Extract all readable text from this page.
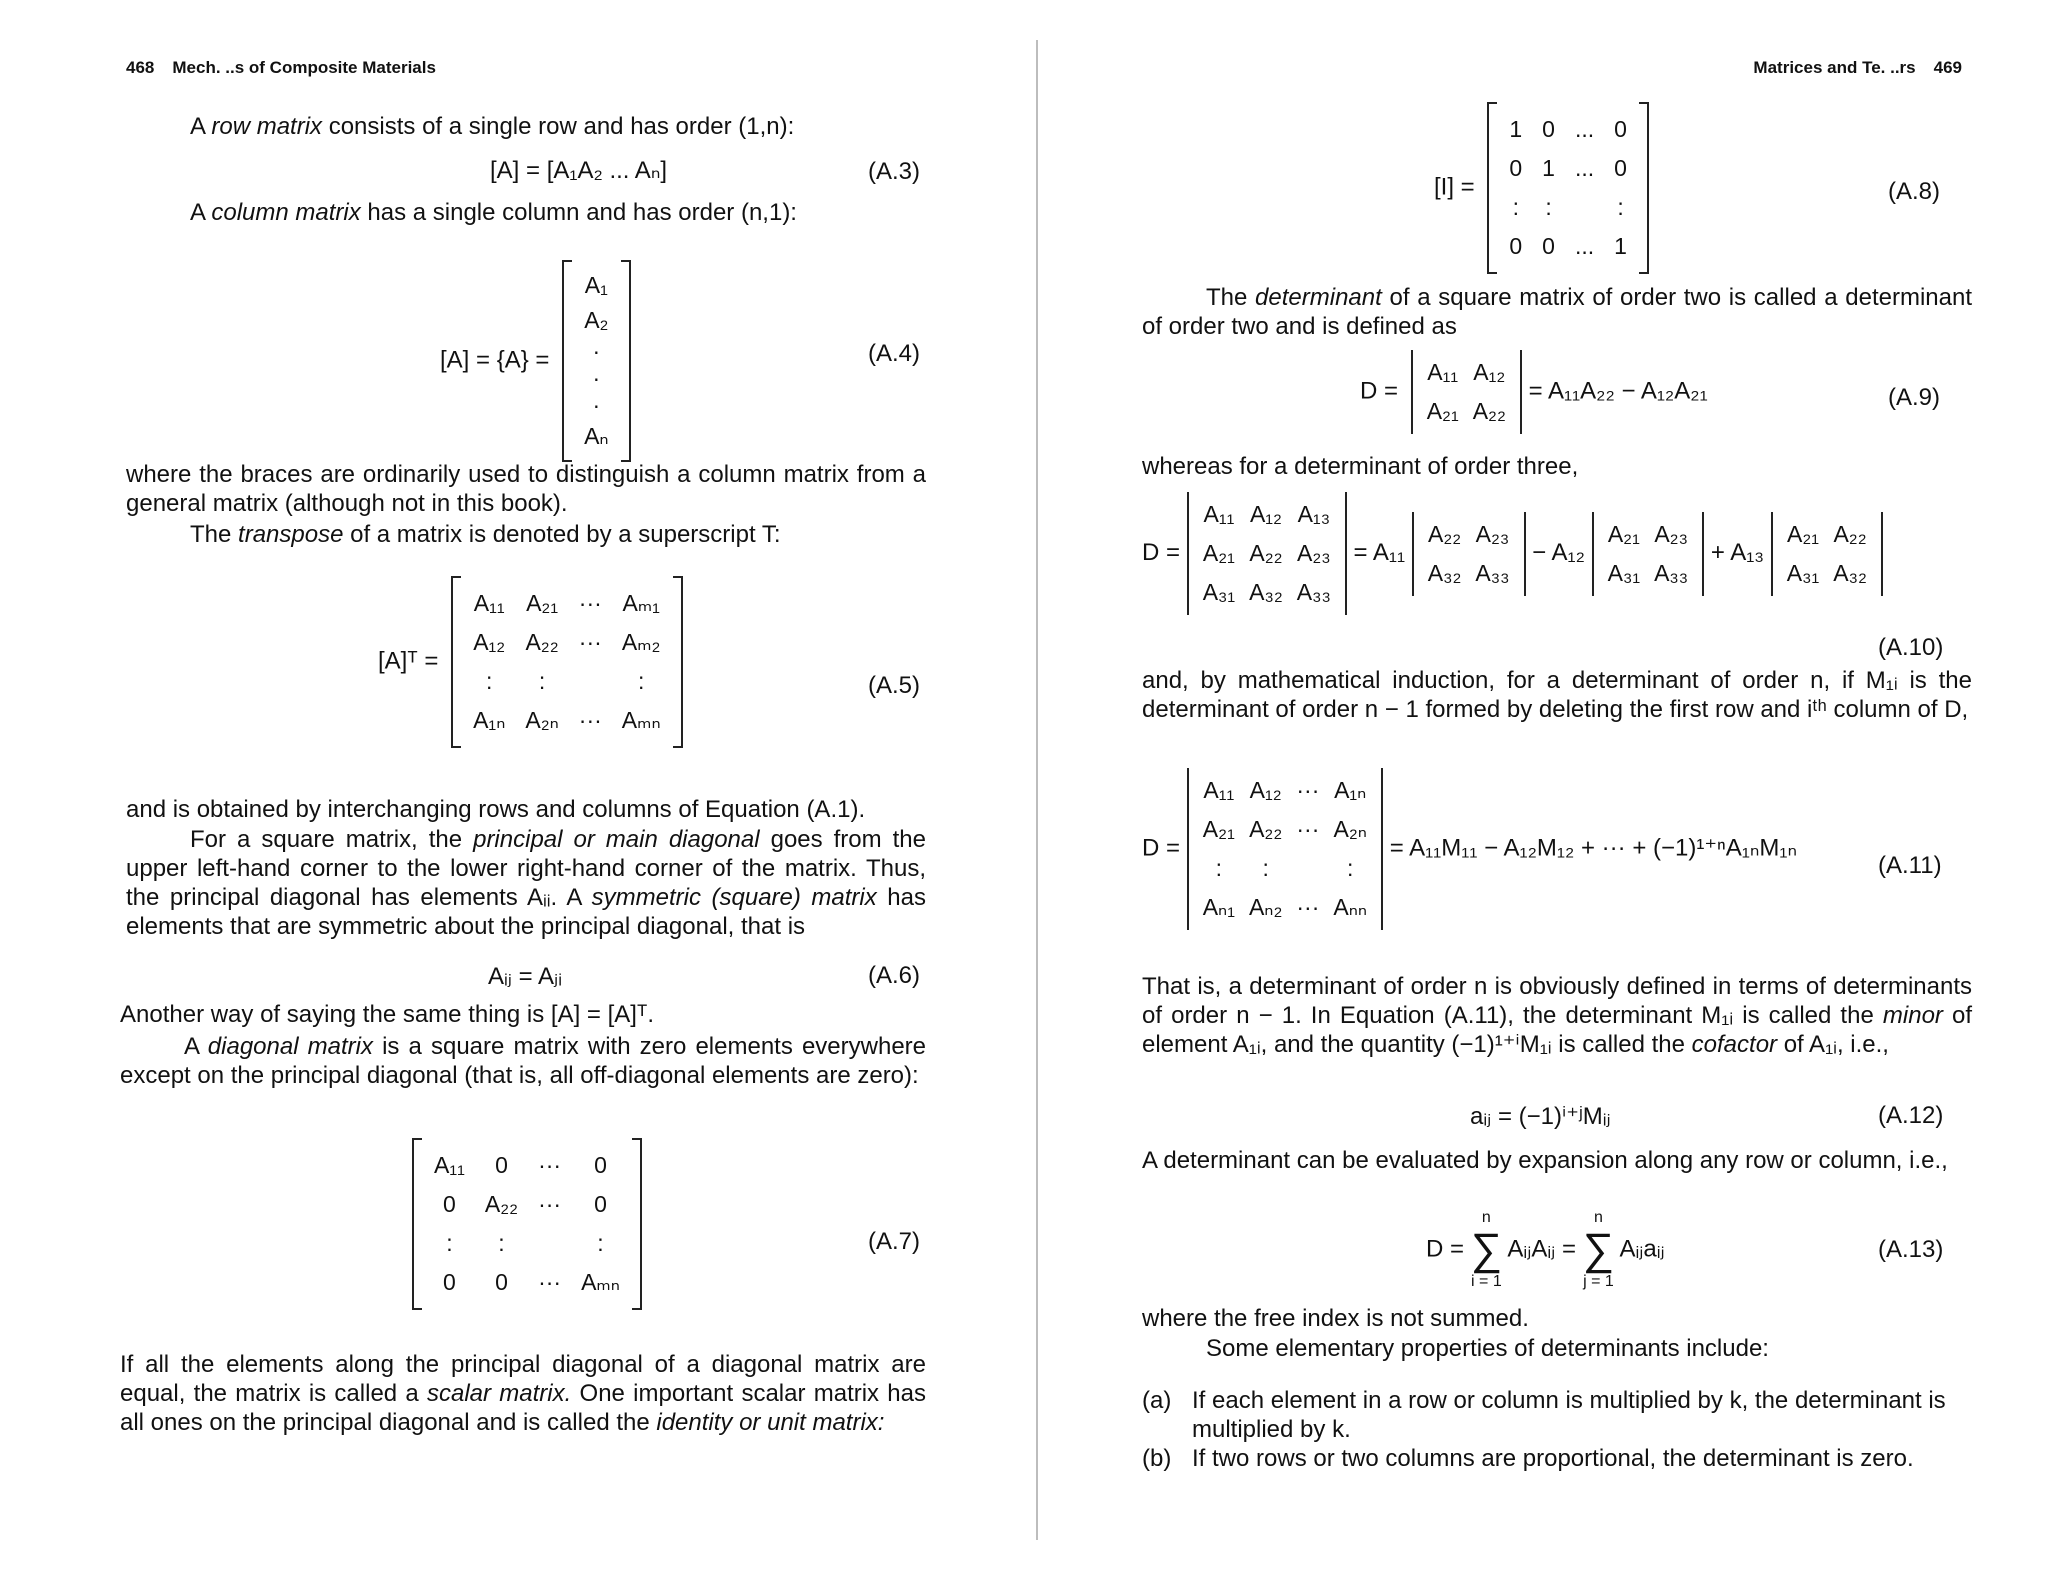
468 Mech. ..s of Composite Materials
A row matrix consists of a single row and has order (1,n):
[A] = [A₁A₂ ... Aₙ]	(A.3)
A column matrix has a single column and has order (n,1):
[A] = {A} =
A₁
A₂
·
·
·
Aₙ
(A.4)
where the braces are ordinarily used to distinguish a column matrix from a general matrix (although not in this book).
The transpose of a matrix is denoted by a superscript T:
[A]ᵀ =
A₁₁	A₂₁	···	Aₘ₁
A₁₂	A₂₂	···	Aₘ₂
:	:		:
A₁ₙ	A₂ₙ	···	Aₘₙ
(A.5)
and is obtained by interchanging rows and columns of Equation (A.1).
For a square matrix, the principal or main diagonal goes from the upper left-hand corner to the lower right-hand corner of the matrix. Thus, the principal diagonal has elements Aᵢᵢ. A symmetric (square) matrix has elements that are symmetric about the principal diagonal, that is
Aᵢⱼ = Aⱼᵢ	(A.6)
Another way of saying the same thing is [A] = [A]ᵀ.
A diagonal matrix is a square matrix with zero elements everywhere except on the principal diagonal (that is, all off-diagonal elements are zero):
A₁₁	0	···	0
0	A₂₂	···	0
:	:		:
0	0	···	Aₘₙ
(A.7)
If all the elements along the principal diagonal of a diagonal matrix are equal, the matrix is called a scalar matrix. One important scalar matrix has all ones on the principal diagonal and is called the identity or unit matrix:
Matrices and Te. ..rs 469
[I] =
1	0	...	0
0	1	...	0
:	:		:
0	0	...	1
(A.8)
The determinant of a square matrix of order two is called a determinant of order two and is defined as
D =
A₁₁	A₁₂
A₂₁	A₂₂
= A₁₁A₂₂ − A₁₂A₂₁	(A.9)
whereas for a determinant of order three,
D =
A₁₁	A₁₂	A₁₃
A₂₁	A₂₂	A₂₃
A₃₁	A₃₂	A₃₃
= A₁₁
A₂₂	A₂₃
A₃₂	A₃₃
− A₁₂
A₂₁	A₂₃
A₃₁	A₃₃
+ A₁₃
A₂₁	A₂₂
A₃₁	A₃₂
(A.10)
and, by mathematical induction, for a determinant of order n, if M₁ᵢ is the determinant of order n − 1 formed by deleting the first row and iᵗʰ column of D,
D =
A₁₁	A₁₂	···	A₁ₙ
A₂₁	A₂₂	···	A₂ₙ
:	:		:
Aₙ₁	Aₙ₂	···	Aₙₙ
= A₁₁M₁₁ − A₁₂M₁₂ + ··· + (−1)¹⁺ⁿA₁ₙM₁ₙ
(A.11)
That is, a determinant of order n is obviously defined in terms of determinants of order n − 1. In Equation (A.11), the determinant M₁ᵢ is called the minor of element A₁ᵢ, and the quantity (−1)¹⁺ⁱM₁ᵢ is called the cofactor of A₁ᵢ, i.e.,
aᵢⱼ = (−1)ⁱ⁺ʲMᵢⱼ	(A.12)
A determinant can be evaluated by expansion along any row or column, i.e.,
D =
n
∑
i = 1
AᵢⱼAᵢⱼ =
n
∑
j = 1
Aᵢⱼaᵢⱼ	(A.13)
where the free index is not summed.
Some elementary properties of determinants include:
(a) If each element in a row or column is multiplied by k, the determinant is multiplied by k.
(b) If two rows or two columns are proportional, the determinant is zero.
